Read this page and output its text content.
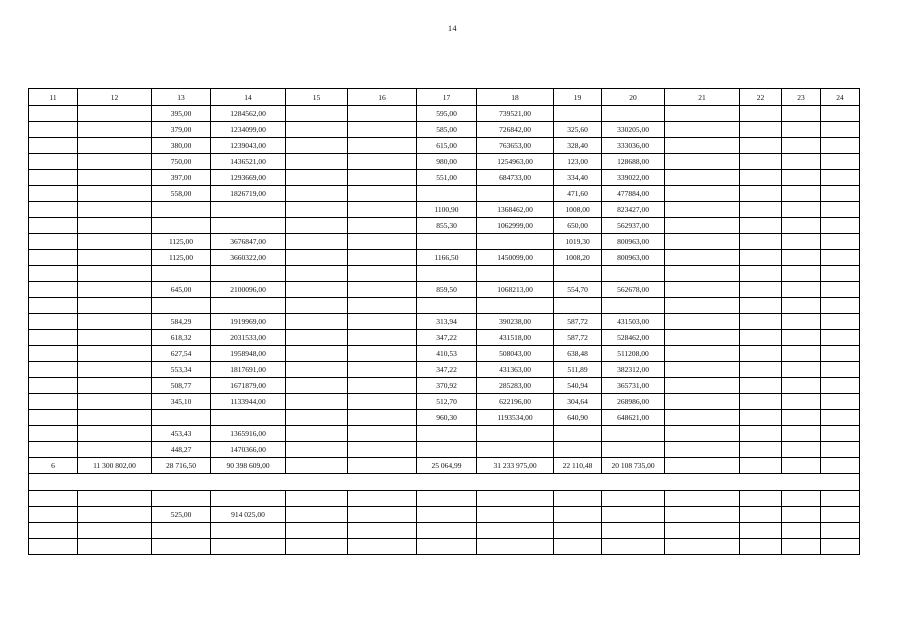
14
11	12	13	14	15	16	17	18	19	20	21	22	23	24
		395,00	1284562,00			595,00	739521,00						
		379,00	1234099,00			585,00	726842,00	325,60	330205,00				
		380,00	1239043,00			615,00	763653,00	328,40	333036,00				
		750,00	1436521,00			980,00	1254963,00	123,00	128688,00				
		397,00	1293669,00			551,00	684733,00	334,40	339022,00				
		558,00	1826719,00					471,60	477884,00				
						1100,90	1368462,00	1008,00	823427,00				
						855,30	1062999,00	650,00	562937,00				
		1125,00	3676847,00					1019,30	800963,00				
		1125,00	3660322,00			1166,50	1450099,00	1008,20	800963,00				

		645,00	2100096,00			859,50	1068213,00	554,70	562678,00				

		584,29	1919969,00			313,94	390238,00	587,72	431503,00				
		618,32	2031533,00			347,22	431518,00	587,72	528462,00				
		627,54	1958948,00			410,53	508043,00	638,48	511208,00				
		553,34	1817691,00			347,22	431363,00	511,89	382312,00				
		508,77	1671879,00			370,92	285283,00	540,94	365731,00				
		345,10	1133944,00			512,70	622196,00	304,64	268986,00				
						960,30	1193534,00	640,90	648621,00				
		453,43	1365916,00										
		448,27	1470366,00										
6	11 300 802,00	28 716,50	90 398 609,00			25 064,99	31 233 975,00	22 110,48	20 108 735,00				

		525,00	914 025,00										
